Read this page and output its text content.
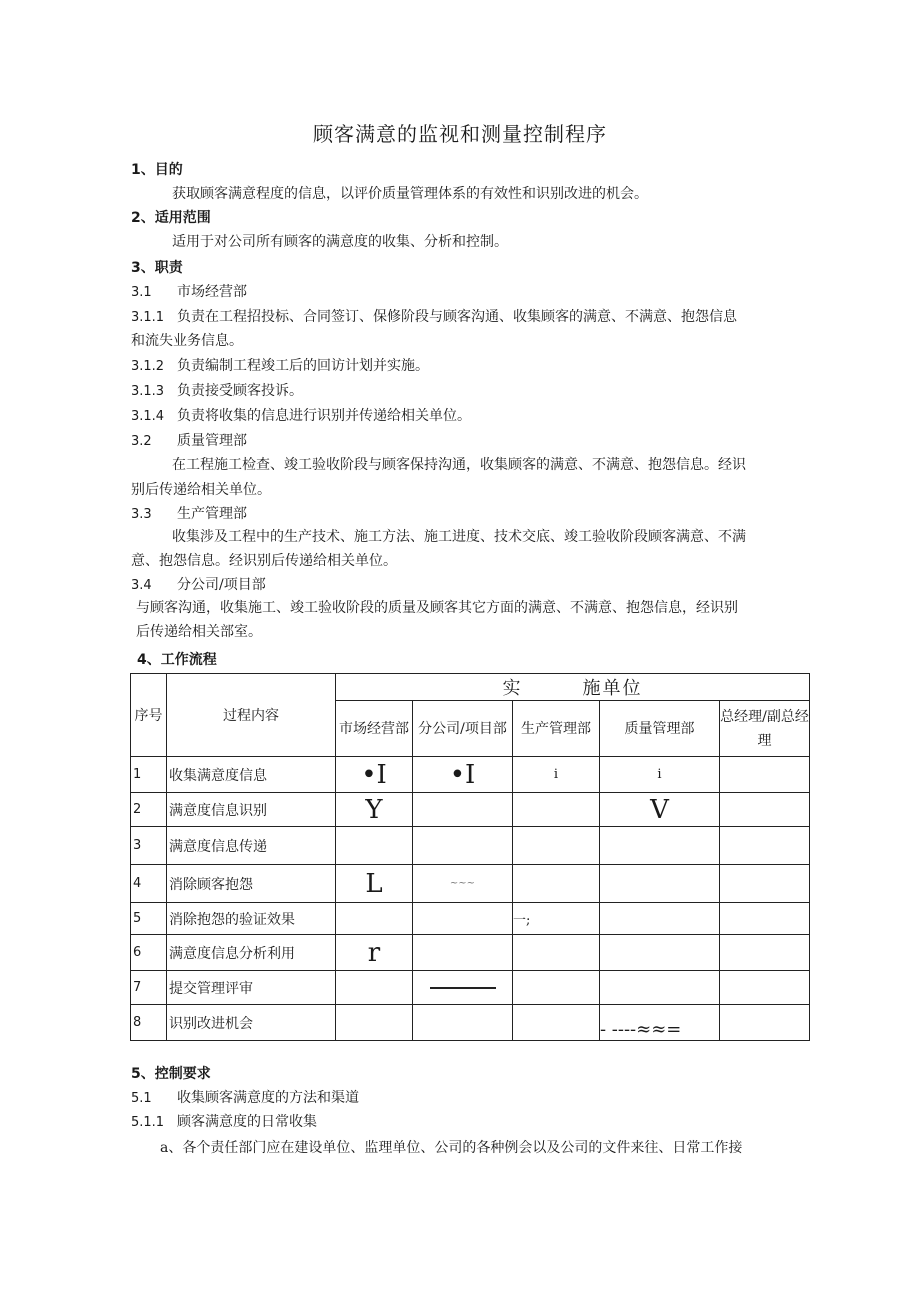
顾客满意的监视和测量控制程序
1、目的
获取顾客满意程度的信息，以评价质量管理体系的有效性和识别改进的机会。
2、适用范围
适用于对公司所有顾客的满意度的收集、分析和控制。
3、职责
3.1 市场经营部
3.1.1 负责在工程招投标、合同签订、保修阶段与顾客沟通、收集顾客的满意、不满意、抱怨信息
和流失业务信息。
3.1.2 负责编制工程竣工后的回访计划并实施。
3.1.3 负责接受顾客投诉。
3.1.4 负责将收集的信息进行识别并传递给相关单位。
3.2 质量管理部
在工程施工检查、竣工验收阶段与顾客保持沟通，收集顾客的满意、不满意、抱怨信息。经识
别后传递给相关单位。
3.3 生产管理部
收集涉及工程中的生产技术、施工方法、施工进度、技术交底、竣工验收阶段顾客满意、不满
意、抱怨信息。经识别后传递给相关单位。
3.4 分公司/项目部
与顾客沟通，收集施工、竣工验收阶段的质量及顾客其它方面的满意、不满意、抱怨信息，经识别
后传递给相关部室。
4、工作流程
序号	过程内容	实 施单位				
		市场经营部	分公司/项目部	生产管理部	质量管理部	总经理/副总经理
1	收集满意度信息	•I	•I	i	i	

2	满意度信息识别	Y			V	

3	满意度信息传递					
4	消除顾客抱怨	L	~~~			

5	消除抱怨的验证效果			一;		

6	满意度信息分析利用	r				

7	提交管理评审		

8	识别改进机会				- ----≈≈=	
5、控制要求
5.1 收集顾客满意度的方法和渠道
5.1.1 顾客满意度的日常收集
a、各个责任部门应在建设单位、监理单位、公司的各种例会以及公司的文件来往、日常工作接
